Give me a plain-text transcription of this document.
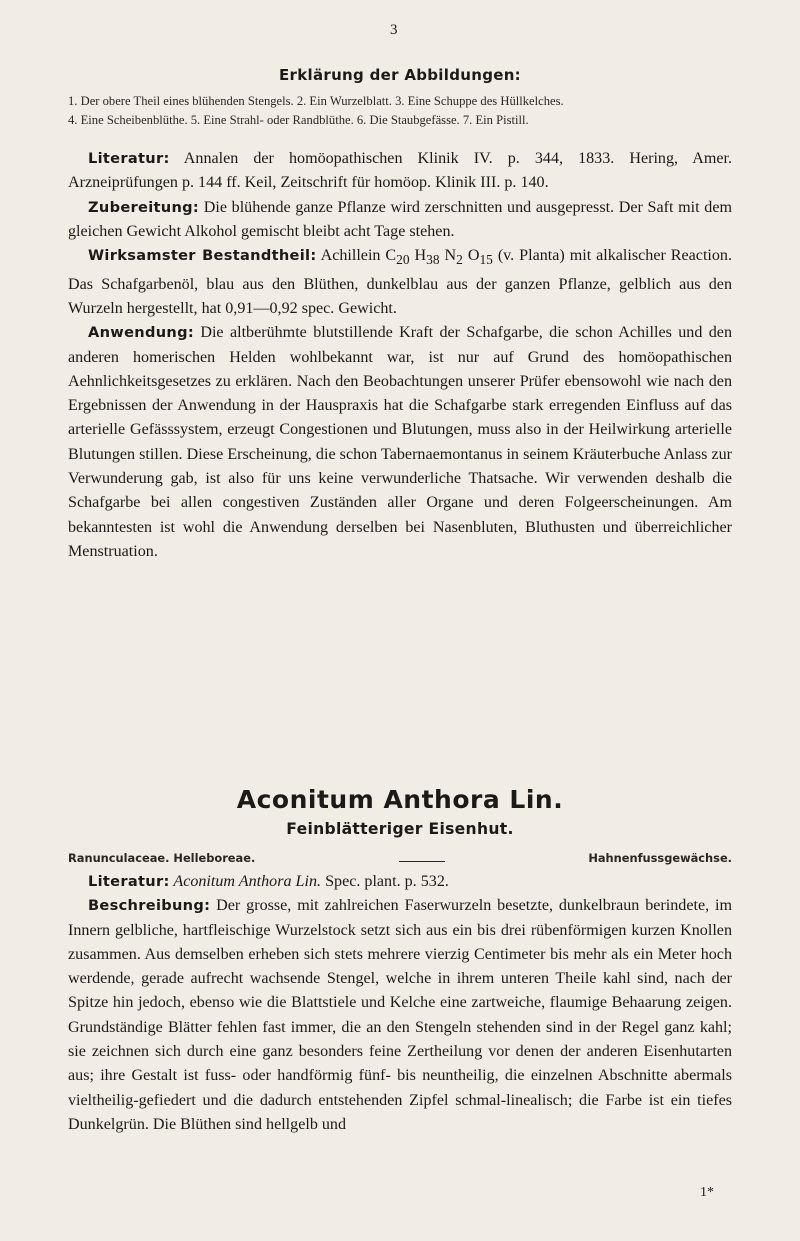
3
Erklärung der Abbildungen:
1. Der obere Theil eines blühenden Stengels. 2. Ein Wurzelblatt. 3. Eine Schuppe des Hüllkelches.
4. Eine Scheibenblüthe. 5. Eine Strahl- oder Randblüthe. 6. Die Staubgefässe. 7. Ein Pistill.

Literatur: Annalen der homöopathischen Klinik IV. p. 344, 1833. Hering, Amer. Arzneiprüfungen p. 144 ff. Keil, Zeitschrift für homöop. Klinik III. p. 140.

Zubereitung: Die blühende ganze Pflanze wird zerschnitten und ausgepresst. Der Saft mit dem gleichen Gewicht Alkohol gemischt bleibt acht Tage stehen.

Wirksamster Bestandtheil: Achillein $C_{20}$ $H_{38}$ $N_2$ $O_{15}$ (v. Planta) mit alkalischer Reaction. Das Schafgarbenöl, blau aus den Blüthen, dunkelblau aus der ganzen Pflanze, gelblich aus den Wurzeln hergestellt, hat 0,91—0,92 spec. Gewicht.

Anwendung: Die altberühmte blutstillende Kraft der Schafgarbe, die schon Achilles und den anderen homerischen Helden wohlbekannt war, ist nur auf Grund des homöopathischen Aehnlichkeitsgesetzes zu erklären. Nach den Beobachtungen unserer Prüfer ebensowohl wie nach den Ergebnissen der Anwendung in der Hauspraxis hat die Schafgarbe stark erregenden Einfluss auf das arterielle Gefässsystem, erzeugt Congestionen und Blutungen, muss also in der Heilwirkung arterielle Blutungen stillen. Diese Erscheinung, die schon Tabernaemontanus in seinem Kräuterbuche Anlass zur Verwunderung gab, ist also für uns keine verwunderliche Thatsache. Wir verwenden deshalb die Schafgarbe bei allen congestiven Zuständen aller Organe und deren Folgeerscheinungen. Am bekanntesten ist wohl die Anwendung derselben bei Nasenbluten, Bluthusten und überreichlicher Menstruation.

Aconitum Anthora Lin.
Feinblätteriger Eisenhut.
Ranunculaceae. Helleboreae.	Hahnenfussgewächse.

Literatur: Aconitum Anthora Lin. Spec. plant. p. 532.

Beschreibung: Der grosse, mit zahlreichen Faserwurzeln besetzte, dunkelbraun berindete, im Innern gelbliche, hartfleischige Wurzelstock setzt sich aus ein bis drei rübenförmigen kurzen Knollen zusammen. Aus demselben erheben sich stets mehrere vierzig Centimeter bis mehr als ein Meter hoch werdende, gerade aufrecht wachsende Stengel, welche in ihrem unteren Theile kahl sind, nach der Spitze hin jedoch, ebenso wie die Blattstiele und Kelche eine zartweiche, flaumige Behaarung zeigen. Grundständige Blätter fehlen fast immer, die an den Stengeln stehenden sind in der Regel ganz kahl; sie zeichnen sich durch eine ganz besonders feine Zertheilung vor denen der anderen Eisenhutarten aus; ihre Gestalt ist fuss- oder handförmig fünf- bis neuntheilig, die einzelnen Abschnitte abermals vieltheilig-gefiedert und die dadurch entstehenden Zipfel schmal-linealisch; die Farbe ist ein tiefes Dunkelgrün. Die Blüthen sind hellgelb und

1*
